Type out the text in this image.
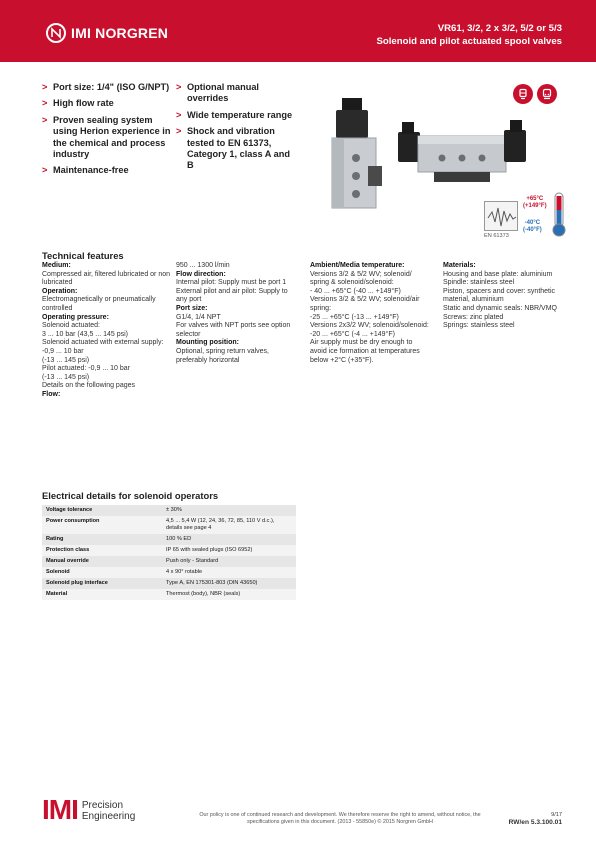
IMI NORGREN	VR61, 3/2, 2 x 3/2, 5/2 or 5/3
Solenoid and pilot actuated spool valves
> Port size: 1/4" (ISO G/NPT)
> High flow rate
> Proven sealing system using Herion experience in the chemical and process industry
> Maintenance-free
> Optional manual overrides
> Wide temperature range
> Shock and vibration tested to EN 61373, Category 1, class A and B
EN 61373
+65°C
(+149°F)
-40°C
(-40°F)
Technical features
Medium:
Compressed air, filtered lubricated or non lubricated
Operation:
Electromagnetically or pneumatically controlled
Operating pressure:
Solenoid actuated:
3 ... 10 bar (43,5 ... 145 psi)
Solenoid actuated with external supply: -0,9 ... 10 bar
(-13 ... 145 psi)
Pilot actuated: -0,9 ... 10 bar
(-13 ... 145 psi)
Details on the following pages
Flow:
950 ... 1300 l/min
Flow direction:
Internal pilot: Supply must be port 1
External pilot and air pilot: Supply to any port
Port size:
G1/4, 1/4 NPT
For valves with NPT ports see option selector
Mounting position:
Optional, spring return valves, preferably horizontal
Ambient/Media temperature:
Versions 3/2 & 5/2 WV; solenoid/ spring & solenoid/solenoid:
- 40 ... +65°C (-40 ... +149°F)
Versions 3/2 & 5/2 WV; solenoid/air spring:
-25 ... +65°C (-13 ... +149°F)
Versions 2x3/2 WV; solenoid/solenoid:
-20 ... +65°C (-4 ... +149°F)
Air supply must be dry enough to avoid ice formation at temperatures below +2°C (+35°F).
Materials:
Housing and base plate: aluminium
Spindle: stainless steel
Piston, spacers and cover: synthetic material, aluminium
Static and dynamic seals: NBR/VMQ
Screws: zinc plated
Springs: stainless steel
Electrical details for solenoid operators
Voltage tolerance	± 30%
Power consumption	4,5 ... 5,4 W (12, 24, 36, 72, 85, 110 V d.c.), details see page 4
Rating	100 % ED
Protection class	IP 65 with sealed plugs (ISO 6952)
Manual override	Push only - Standard
Solenoid	4 x 90° rotable
Solenoid plug interface	Type A, EN 175301-803 (DIN 43650)
Material	Thermost (body), NBR (seals)
IMI Precision
Engineering	Our policy is one of continued research and development. We therefore reserve the right to amend, without notice, the specifications given in this document. (2013 - 55850e) © 2015 Norgren GmbH
9/17
RW/en 5.3.100.01
